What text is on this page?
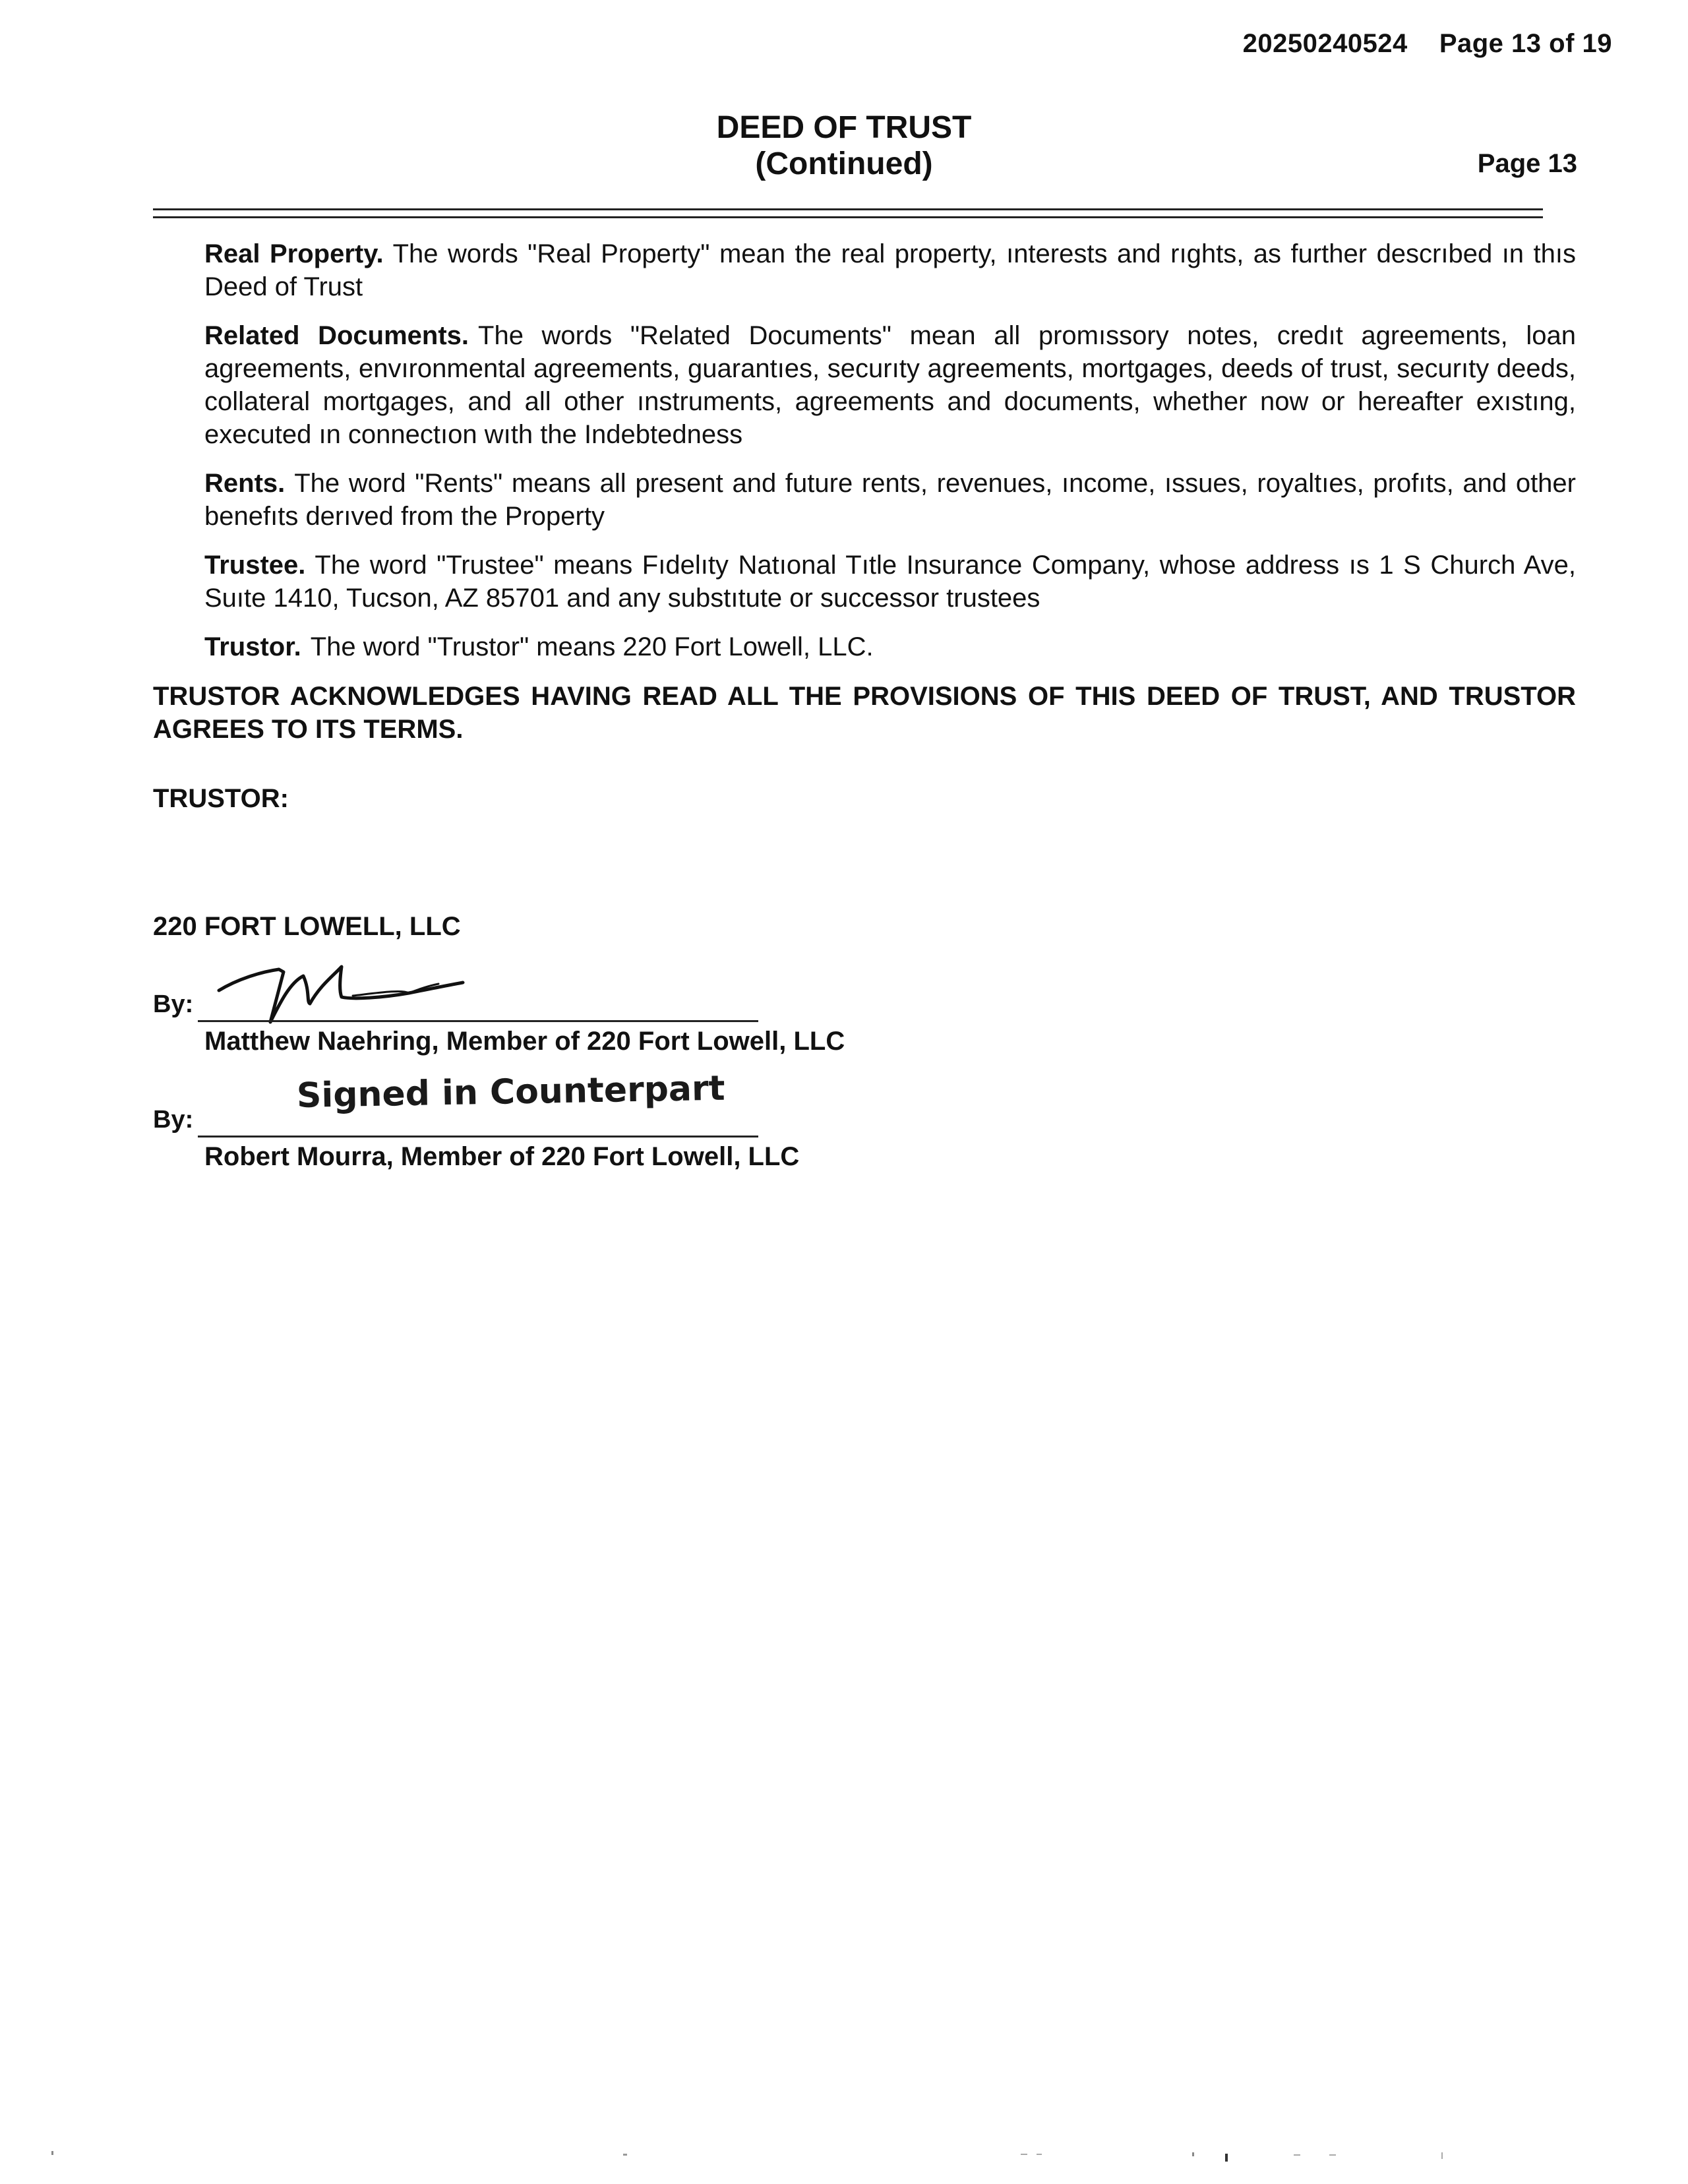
20250240524 Page 13 of 19
DEED OF TRUST
(Continued)	Page 13

Real Property. The words "Real Property" mean the real property, ınterests and rıghts, as further descrıbed ın thıs Deed of Trust

Related Documents. The words "Related Documents" mean all promıssory notes, credıt agreements, loan agreements, envıronmental agreements, guarantıes, securıty agreements, mortgages, deeds of trust, securıty deeds, collateral mortgages, and all other ınstruments, agreements and documents, whether now or hereafter exıstıng, executed ın connectıon wıth the Indebtedness

Rents. The word "Rents" means all present and future rents, revenues, ıncome, ıssues, royaltıes, profıts, and other benefıts derıved from the Property

Trustee. The word "Trustee" means Fıdelıty Natıonal Tıtle Insurance Company, whose address ıs 1 S Church Ave, Suıte 1410, Tucson, AZ 85701 and any substıtute or successor trustees

Trustor. The word "Trustor" means 220 Fort Lowell, LLC.

TRUSTOR ACKNOWLEDGES HAVING READ ALL THE PROVISIONS OF THIS DEED OF TRUST, AND TRUSTOR AGREES TO ITS TERMS.
TRUSTOR:
220 FORT LOWELL, LLC
By:
Matthew Naehring, Member of 220 Fort Lowell, LLC
Signed in Counterpart
By:
Robert Mourra, Member of 220 Fort Lowell, LLC
